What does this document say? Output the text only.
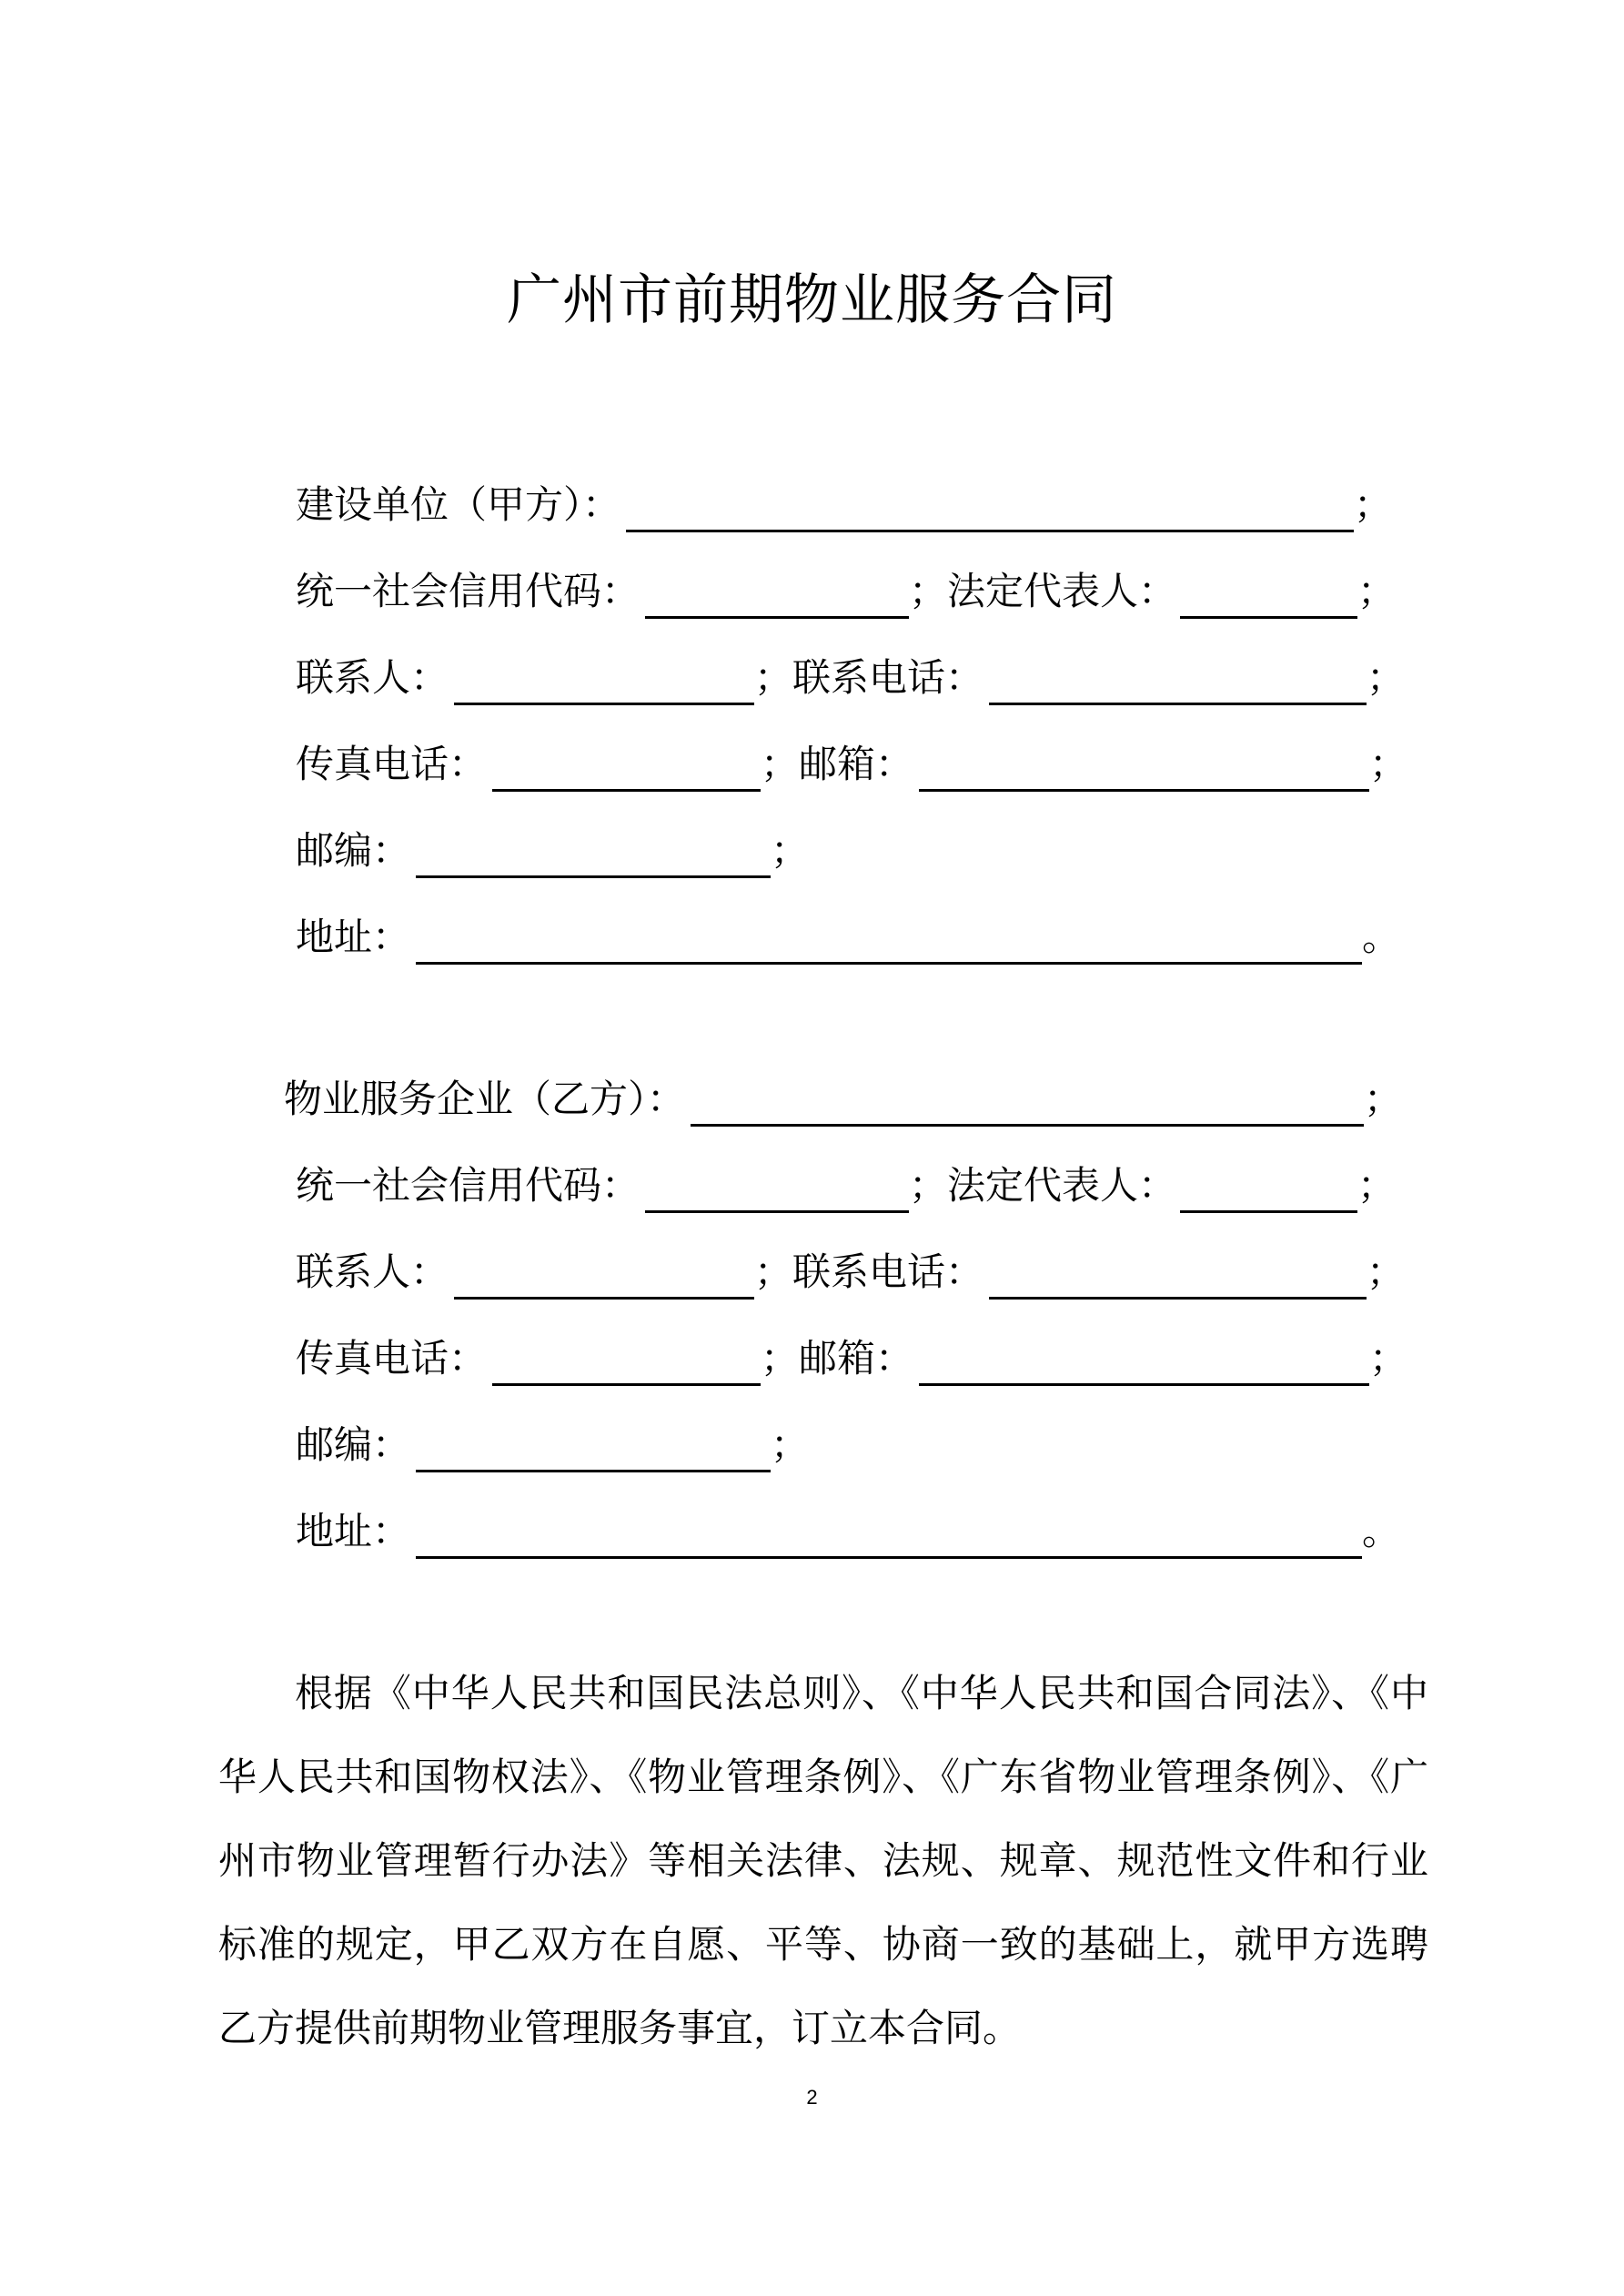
广州市前期物业服务合同
建设单位（甲方）：	；
统一社会信用代码：	； 法定代表人：	；
联系人：	； 联系电话：	；
传真电话：	； 邮箱：	；
邮编：	；
地址：	。
物业服务企业（乙方）：	；
统一社会信用代码：	； 法定代表人：	；
联系人：	； 联系电话：	；
传真电话：	； 邮箱：	；
邮编：	；
地址：	。

根据《中华人民共和国民法总则》、《中华人民共和国合同法》、《中华人民共和国物权法》、《物业管理条例》、《广东省物业管理条例》、《广州市物业管理暂行办法》等相关法律、法规、规章、规范性文件和行业标准的规定，甲乙双方在自愿、平等、协商一致的基础上，就甲方选聘乙方提供前期物业管理服务事宜，订立本合同。

2
